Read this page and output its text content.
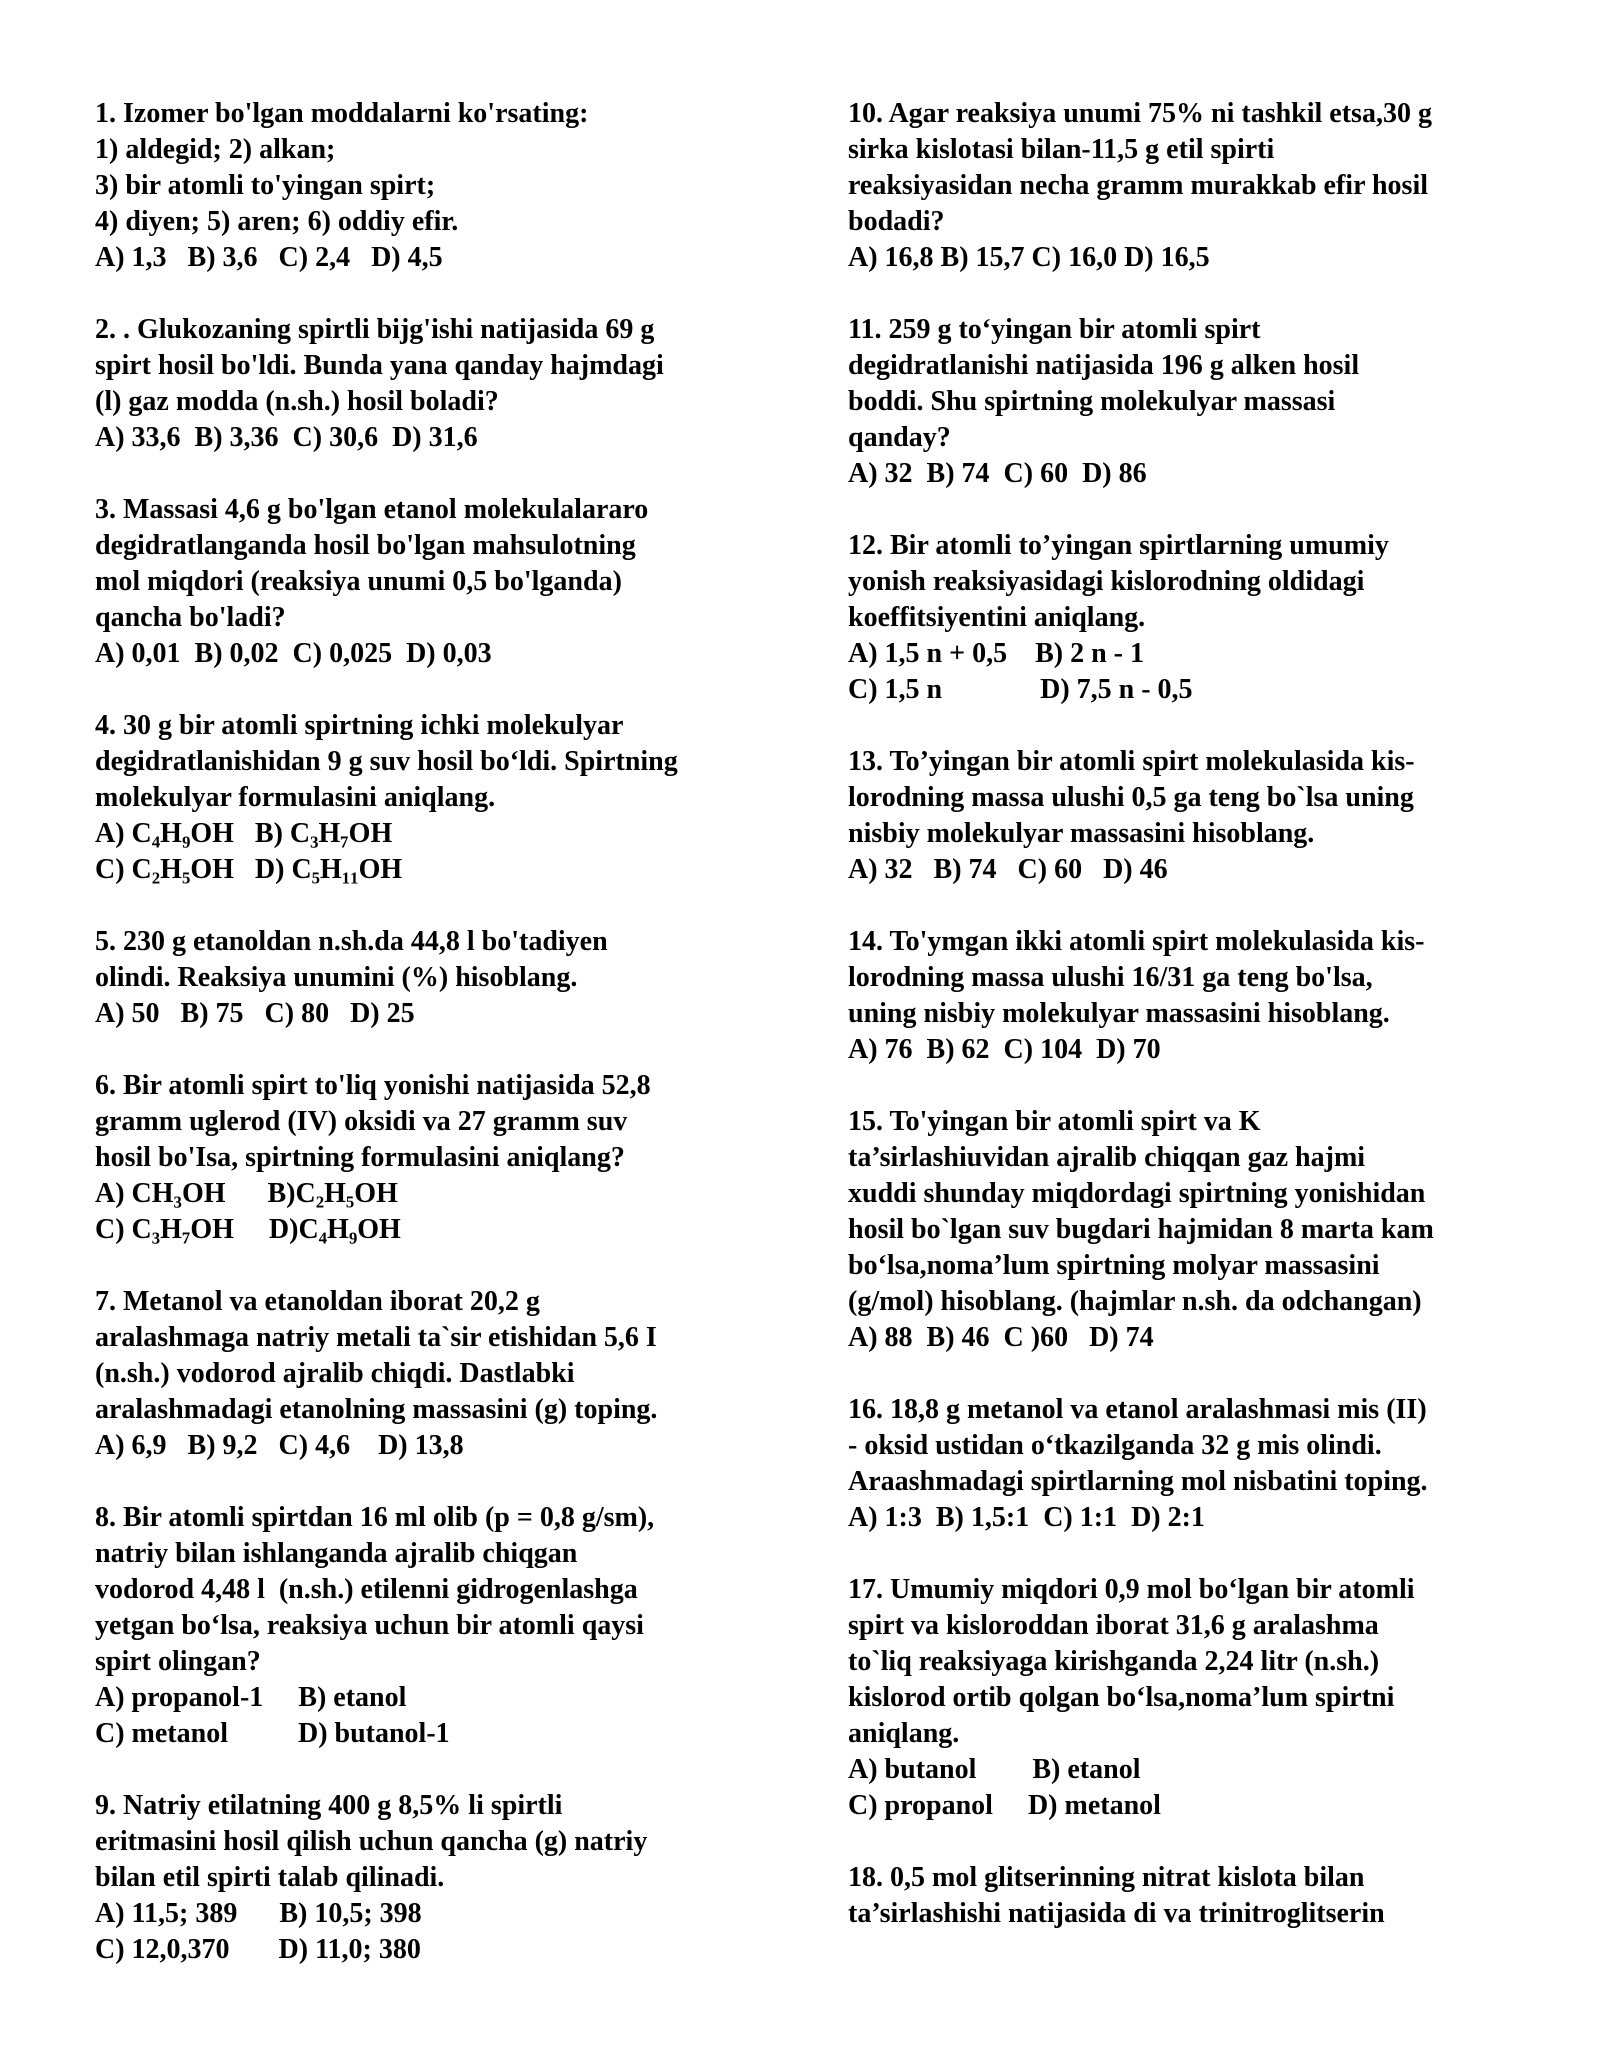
1. Izomer bo'lgan moddalarni ko'rsating:
1) aldegid; 2) alkan;
3) bir atomli to'yingan spirt;
4) diyen; 5) aren; 6) oddiy efir.
A) 1,3   B) 3,6   C) 2,4   D) 4,5
2. . Glukozaning spirtli bijg'ishi natijasida 69 g
spirt hosil bo'ldi. Bunda yana qanday hajmdagi
(l) gaz modda (n.sh.) hosil boladi?
A) 33,6  B) 3,36  C) 30,6  D) 31,6
3. Massasi 4,6 g bo'lgan etanol molekulalararo
degidratlanganda hosil bo'lgan mahsulotning
mol miqdori (reaksiya unumi 0,5 bo'lganda)
qancha bo'ladi?
A) 0,01  B) 0,02  C) 0,025  D) 0,03
4. 30 g bir atomli spirtning ichki molekulyar
degidratlanishidan 9 g suv hosil bo‘ldi. Spirtning
molekulyar formulasini aniqlang.
A) C₄H₉OH   B) C₃H₇OH
C) C₂H₅OH   D) C₅H₁₁OH
5. 230 g etanoldan n.sh.da 44,8 l bo'tadiyen
olindi. Reaksiya unumini (%) hisoblang.
A) 50   B) 75   C) 80   D) 25
6. Bir atomli spirt to'liq yonishi natijasida 52,8
gramm uglerod (IV) oksidi va 27 gramm suv
hosil bo'Isa, spirtning formulasini aniqlang?
A) CH₃OH      B)C₂H₅OH
C) C₃H₇OH     D)C₄H₉OH
7. Metanol va etanoldan iborat 20,2 g
aralashmaga natriy metali ta`sir etishidan 5,6 I
(n.sh.) vodorod ajralib chiqdi. Dastlabki
aralashmadagi etanolning massasini (g) toping.
A) 6,9   B) 9,2   C) 4,6    D) 13,8
8. Bir atomli spirtdan 16 ml olib (p = 0,8 g/sm),
natriy bilan ishlanganda ajralib chiqgan
vodorod 4,48 l  (n.sh.) etilenni gidrogenlashga
yetgan bo‘lsa, reaksiya uchun bir atomli qaysi
spirt olingan?
A) propanol-1     B) etanol
C) metanol          D) butanol-1
9. Natriy etilatning 400 g 8,5% li spirtli
eritmasini hosil qilish uchun qancha (g) natriy
bilan etil spirti talab qilinadi.
A) 11,5; 389      B) 10,5; 398
C) 12,0,370       D) 11,0; 380
10. Agar reaksiya unumi 75% ni tashkil etsa,30 g
sirka kislotasi bilan-11,5 g etil spirti
reaksiyasidan necha gramm murakkab efir hosil
bodadi?
A) 16,8 B) 15,7 C) 16,0 D) 16,5
11. 259 g to‘yingan bir atomli spirt
degidratlanishi natijasida 196 g alken hosil
boddi. Shu spirtning molekulyar massasi
qanday?
A) 32  B) 74  C) 60  D) 86
12. Bir atomli to’yingan spirtlarning umumiy
yonish reaksiyasidagi kislorodning oldidagi
koeffitsiyentini aniqlang.
A) 1,5 n + 0,5    B) 2 n - 1
C) 1,5 n              D) 7,5 n - 0,5
13. To’yingan bir atomli spirt molekulasida kis-
lorodning massa ulushi 0,5 ga teng bo`lsa uning
nisbiy molekulyar massasini hisoblang.
A) 32   B) 74   C) 60   D) 46
14. To'ymgan ikki atomli spirt molekulasida kis-
lorodning massa ulushi 16/31 ga teng bo'lsa,
uning nisbiy molekulyar massasini hisoblang.
A) 76  B) 62  C) 104  D) 70
15. To'yingan bir atomli spirt va K
ta’sirlashiuvidan ajralib chiqqan gaz hajmi
xuddi shunday miqdordagi spirtning yonishidan
hosil bo`lgan suv bugdari hajmidan 8 marta kam
bo‘lsa,noma’lum spirtning molyar massasini
(g/mol) hisoblang. (hajmlar n.sh. da odchangan)
A) 88  B) 46  C )60   D) 74
16. 18,8 g metanol va etanol aralashmasi mis (II)
- oksid ustidan o‘tkazilganda 32 g mis olindi.
Araashmadagi spirtlarning mol nisbatini toping.
A) 1:3  B) 1,5:1  C) 1:1  D) 2:1
17. Umumiy miqdori 0,9 mol bo‘lgan bir atomli
spirt va kisloroddan iborat 31,6 g aralashma
to`liq reaksiyaga kirishganda 2,24 litr (n.sh.)
kislorod ortib qolgan bo‘lsa,noma’lum spirtni
aniqlang.
A) butanol        B) etanol
C) propanol     D) metanol
18. 0,5 mol glitserinning nitrat kislota bilan
ta’sirlashishi natijasida di va trinitroglitserin
